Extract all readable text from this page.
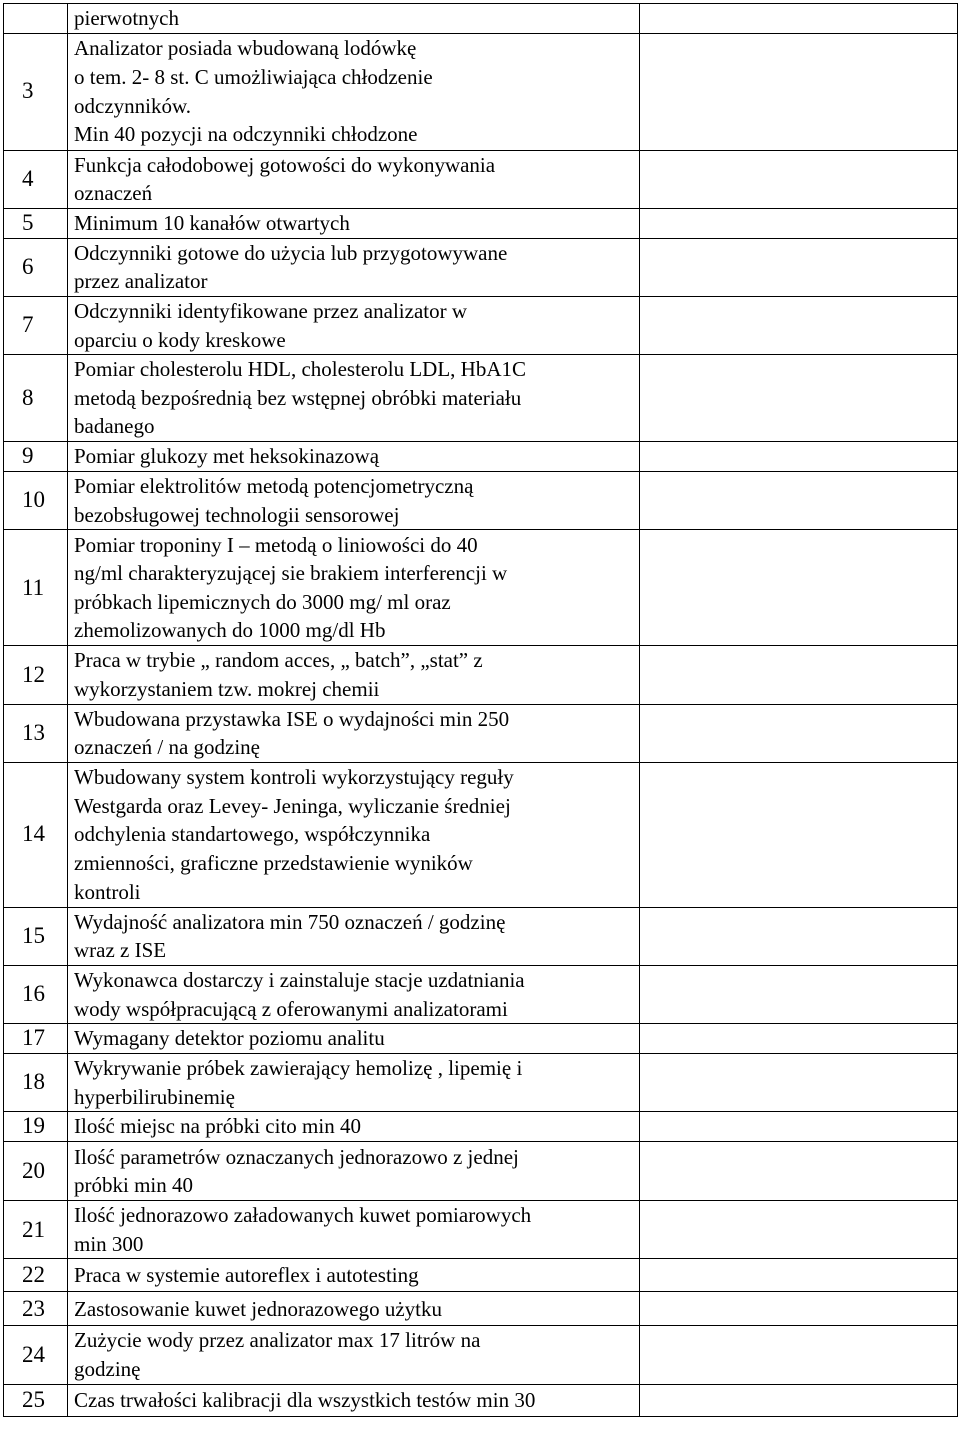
	pierwotnych	
3	Analizator posiada wbudowaną lodówkę
o tem. 2- 8 st. C umożliwiająca chłodzenie
odczynników.
Min 40 pozycji na odczynniki chłodzone	
4	Funkcja całodobowej gotowości do wykonywania
oznaczeń	
5	Minimum 10 kanałów otwartych	
6	Odczynniki gotowe do użycia lub przygotowywane
przez analizator	
7	Odczynniki identyfikowane przez analizator w
oparciu o kody kreskowe	
8	Pomiar cholesterolu HDL, cholesterolu LDL, HbA1C
metodą bezpośrednią bez wstępnej obróbki materiału
badanego	
9	Pomiar glukozy met heksokinazową	
10	Pomiar elektrolitów metodą potencjometryczną
bezobsługowej technologii sensorowej	
11	Pomiar troponiny I – metodą o liniowości do 40
ng/ml charakteryzującej sie brakiem interferencji w
próbkach lipemicznych do 3000 mg/ ml oraz
zhemolizowanych do 1000 mg/dl Hb	
12	Praca w trybie „ random acces, „ batch”, „stat” z
wykorzystaniem tzw. mokrej chemii	
13	Wbudowana przystawka ISE o wydajności min 250
oznaczeń / na godzinę	
14	Wbudowany system kontroli wykorzystujący reguły
Westgarda oraz Levey- Jeninga, wyliczanie średniej
odchylenia standartowego, współczynnika
zmienności, graficzne przedstawienie wyników
kontroli	
15	Wydajność analizatora min 750 oznaczeń / godzinę
wraz z ISE	
16	Wykonawca dostarczy i zainstaluje stacje uzdatniania
wody współpracującą z oferowanymi analizatorami	
17	Wymagany detektor poziomu analitu	
18	Wykrywanie próbek zawierający hemolizę , lipemię i
hyperbilirubinemię	
19	Ilość miejsc na próbki cito min 40	
20	Ilość parametrów oznaczanych jednorazowo z jednej
próbki min 40	
21	Ilość jednorazowo załadowanych kuwet pomiarowych
min 300	
22	Praca w systemie autoreflex i autotesting	
23	Zastosowanie kuwet jednorazowego użytku	
24	Zużycie wody przez analizator max 17 litrów na
godzinę	
25	Czas trwałości kalibracji dla wszystkich testów min 30	
